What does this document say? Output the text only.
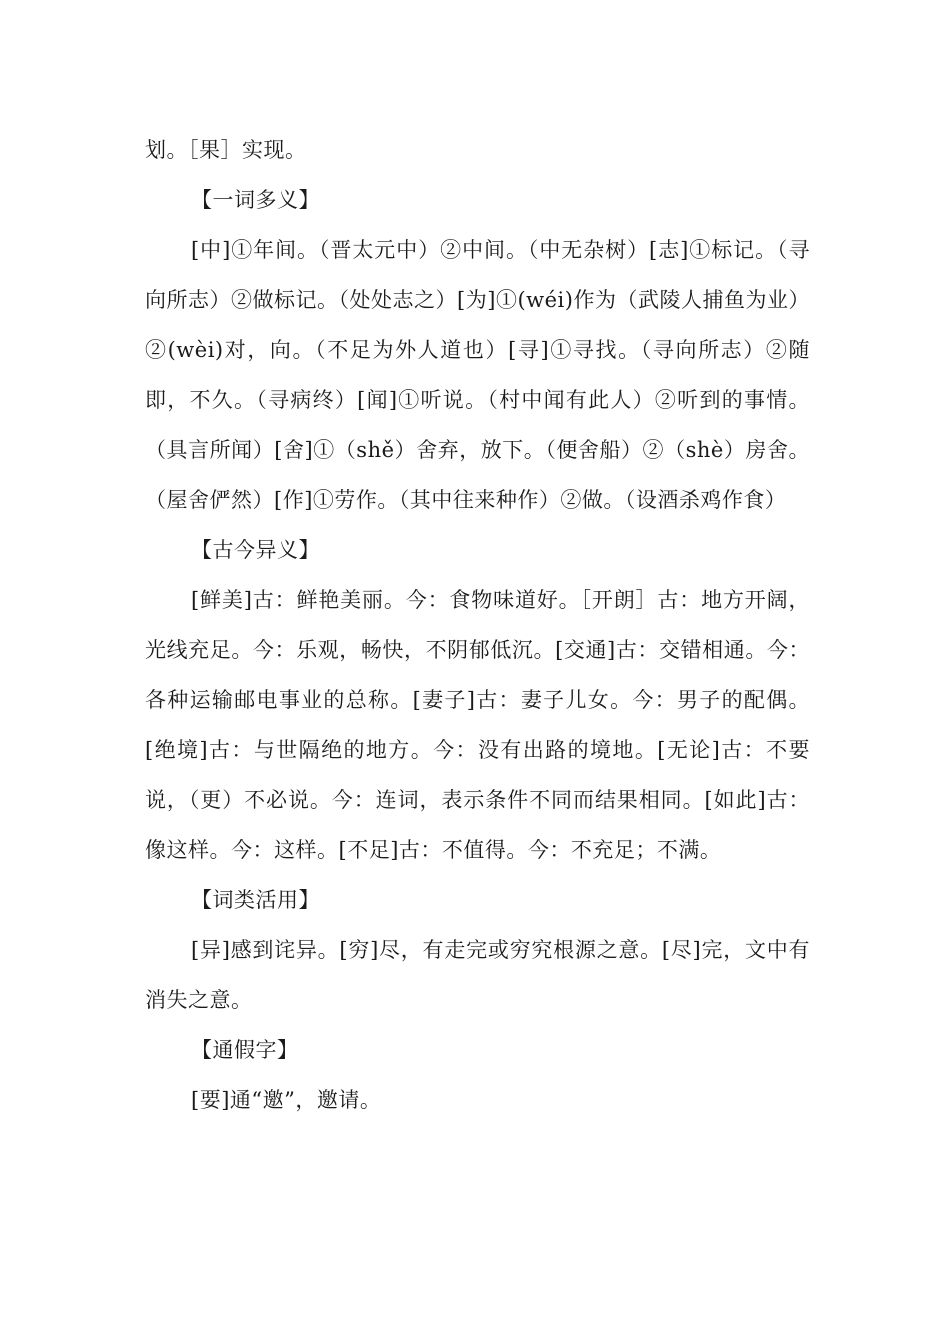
划。［果］实现。

【一词多义】

[中]①年间。（晋太元中）②中间。（中无杂树）[志]①标记。（寻向所志）②做标记。（处处志之）[为]①(wéi)作为（武陵人捕鱼为业）②(wèi)对，向。（不足为外人道也）[寻]①寻找。（寻向所志）②随即，不久。（寻病终）[闻]①听说。（村中闻有此人）②听到的事情。（具言所闻）[舍]①（shě）舍弃，放下。（便舍船）②（shè）房舍。（屋舍俨然）[作]①劳作。（其中往来种作）②做。（设酒杀鸡作食）

【古今异义】

[鲜美]古：鲜艳美丽。今：食物味道好。［开朗］古：地方开阔，光线充足。今：乐观，畅快，不阴郁低沉。[交通]古：交错相通。今：各种运输邮电事业的总称。[妻子]古：妻子儿女。今：男子的配偶。[绝境]古：与世隔绝的地方。今：没有出路的境地。[无论]古：不要说，（更）不必说。今：连词，表示条件不同而结果相同。[如此]古：像这样。今：这样。[不足]古：不值得。今：不充足；不满。

【词类活用】

[异]感到诧异。[穷]尽，有走完或穷究根源之意。[尽]完，文中有消失之意。

【通假字】

[要]通“邀”，邀请。
